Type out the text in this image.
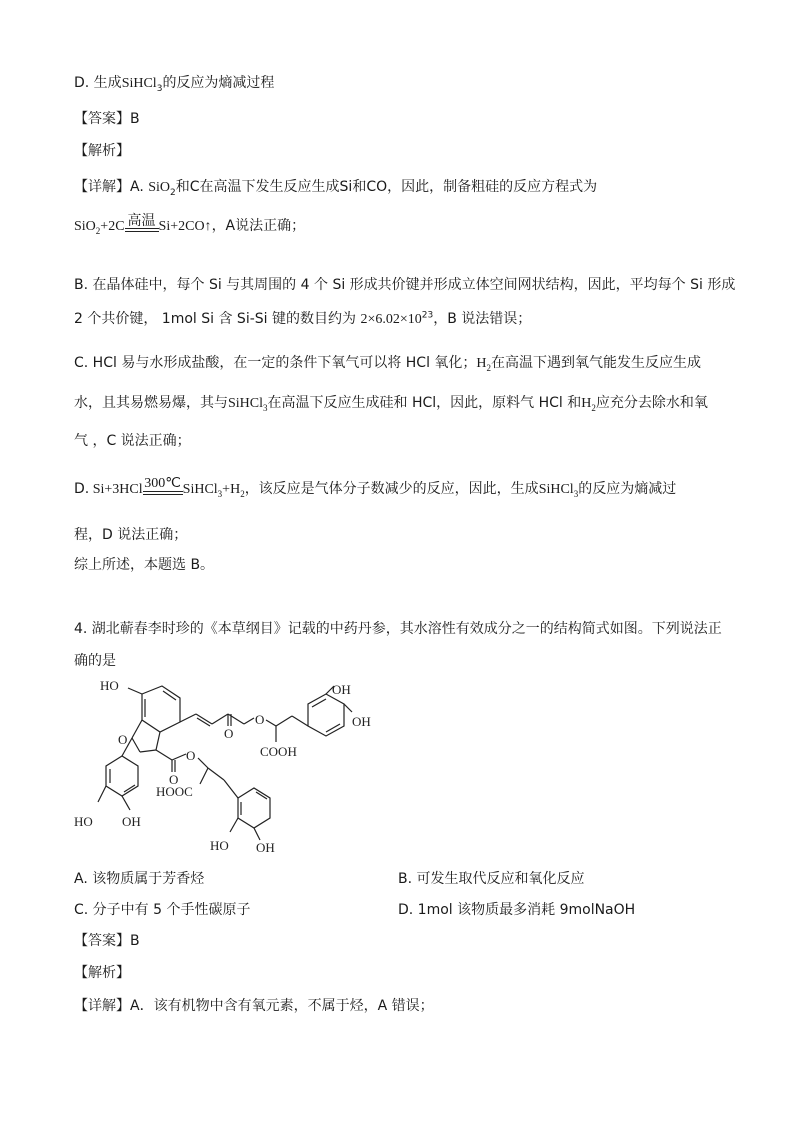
D. 生成SiHCl$_3$的反应为熵减过程
【答案】B
【解析】
【详解】A. SiO$_2$和C在高温下发生反应生成Si和CO，因此，制备粗硅的反应方程式为
SiO$_2$+2C 高温 Si+2CO↑，A说法正确；
B. 在晶体硅中，每个 Si 与其周围的 4 个 Si 形成共价键并形成立体空间网状结构，因此，平均每个 Si 形成
2 个共价键， 1mol Si 含 Si-Si 键的数目约为 $2\times 6.02\times 10^{23}$，B 说法错误；
C. HCl 易与水形成盐酸，在一定的条件下氧气可以将 HCl 氧化；$H_2$在高温下遇到氧气能发生反应生成
水，且其易燃易爆，其与SiHCl$_3$在高温下反应生成硅和 HCl，因此，原料气 HCl 和$H_2$应充分去除水和氧
气 ，C 说法正确；
D. Si+3HCl 300℃ $SiHCl_3+H_2$，该反应是气体分子数减少的反应，因此，生成SiHCl$_3$的反应为熵减过
程，D 说法正确；
综上所述，本题选 B。
4. 湖北蕲春李时珍的《本草纲目》记载的中药丹参，其水溶性有效成分之一的结构简式如图。下列说法正
确的是
HO	OH
OH
O	O
O
O
O	COOH
HOOC
HO OH
HO OH
A. 该物质属于芳香烃	B. 可发生取代反应和氧化反应
C. 分子中有 5 个手性碳原子	D. 1mol 该物质最多消耗 9molNaOH
【答案】B
【解析】
【详解】A．该有机物中含有氧元素，不属于烃，A 错误；
